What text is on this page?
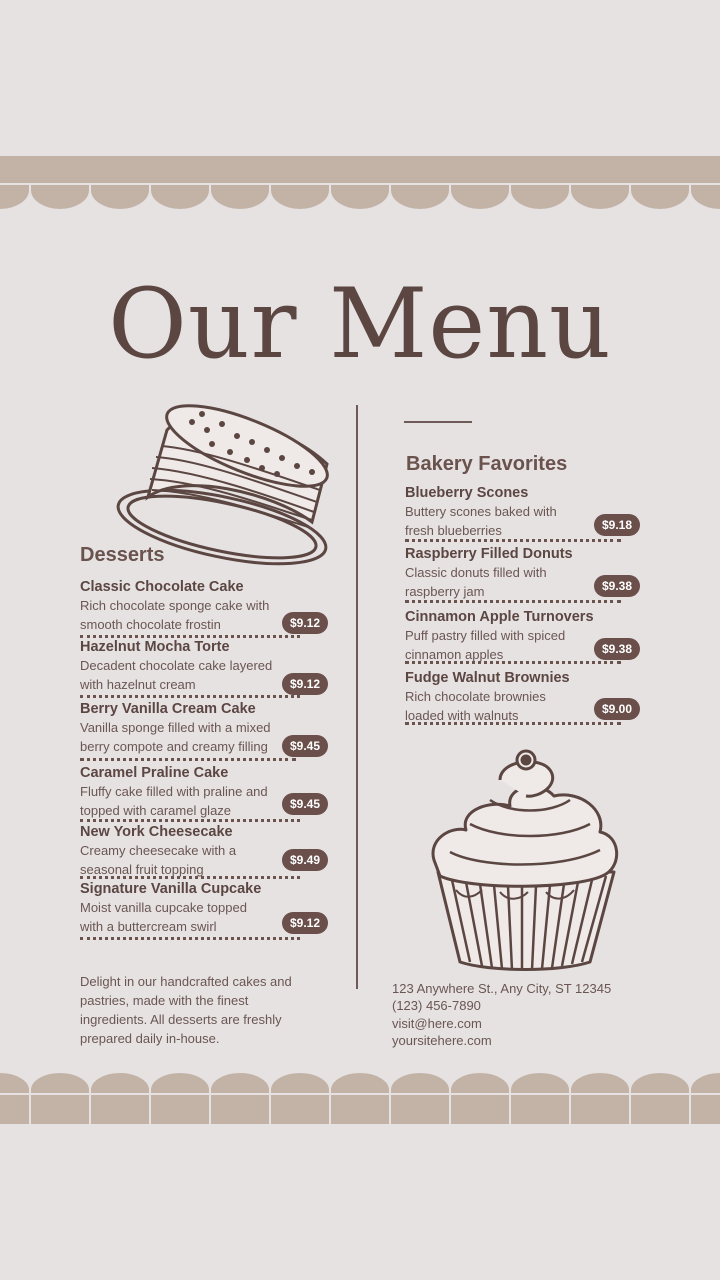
Our Menu
Desserts
Classic Chocolate Cake
Rich chocolate sponge cake with smooth chocolate frostin	$9.12
Hazelnut Mocha Torte
Decadent chocolate cake layered with hazelnut cream	$9.12
Berry Vanilla Cream Cake
Vanilla sponge filled with a mixed berry compote and creamy filling	$9.45
Caramel Praline Cake
Fluffy cake filled with praline and topped with caramel glaze	$9.45
New York Cheesecake
Creamy cheesecake with a seasonal fruit topping
$9.49
Signature Vanilla Cupcake
Moist vanilla cupcake topped with a buttercream swirl	$9.12
Delight in our handcrafted cakes and pastries, made with the finest ingredients. All desserts are freshly prepared daily in-house.
Bakery Favorites
Blueberry Scones
Buttery scones baked with fresh blueberries	$9.18
Raspberry Filled Donuts
Classic donuts filled with raspberry jam	$9.38
Cinnamon Apple Turnovers
Puff pastry filled with spiced cinnamon apples	$9.38
Fudge Walnut Brownies
Rich chocolate brownies loaded with walnuts	$9.00
123 Anywhere St., Any City, ST 12345
(123) 456-7890
visit@here.com
yoursitehere.com
